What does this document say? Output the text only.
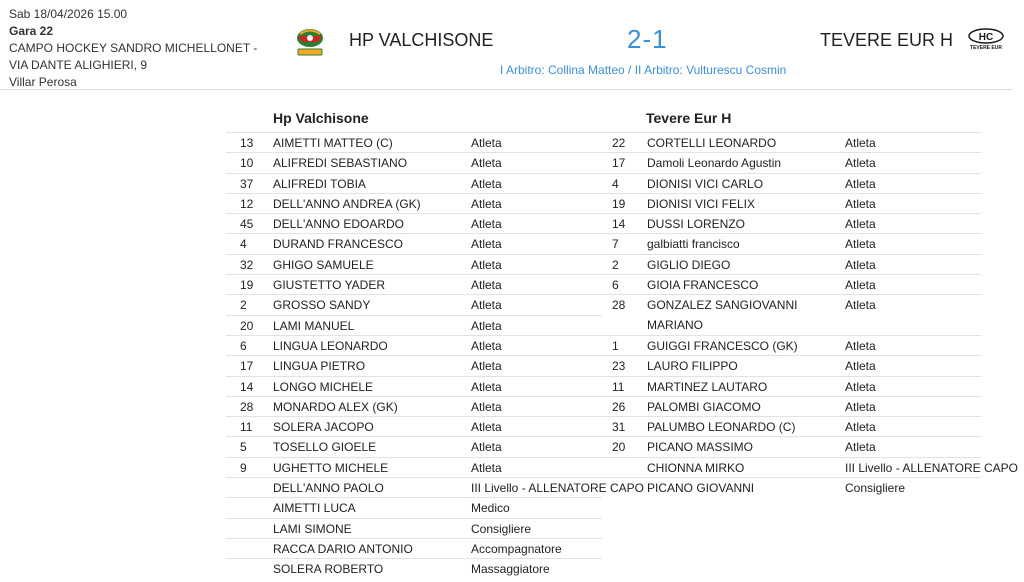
Sab 18/04/2026 15.00
Gara 22
CAMPO HOCKEY SANDRO MICHELLONET -
VIA DANTE ALIGHIERI, 9
Villar Perosa
HP VALCHISONE	2-1	TEVERE EUR H	HC
TEVERE EUR
I Arbitro: Collina Matteo / II Arbitro: Vulturescu Cosmin
Hp Valchisone	Tevere Eur H
13 AIMETTI MATTEO (C)	Atleta
10 ALIFREDI SEBASTIANO	Atleta
37 ALIFREDI TOBIA	Atleta
12 DELL'ANNO ANDREA (GK)	Atleta
45 DELL'ANNO EDOARDO	Atleta
4 DURAND FRANCESCO	Atleta
32 GHIGO SAMUELE	Atleta
19 GIUSTETTO YADER	Atleta
2 GROSSO SANDY	Atleta
20 LAMI MANUEL	Atleta
6 LINGUA LEONARDO	Atleta
17 LINGUA PIETRO	Atleta
14 LONGO MICHELE	Atleta
28 MONARDO ALEX (GK)	Atleta
11 SOLERA JACOPO	Atleta
5 TOSELLO GIOELE	Atleta
9 UGHETTO MICHELE	Atleta
DELL'ANNO PAOLO	III Livello - ALLENATORE CAPO
AIMETTI LUCA	Medico
LAMI SIMONE	Consigliere
RACCA DARIO ANTONIO	Accompagnatore
SOLERA ROBERTO	Massaggiatore
22 CORTELLI LEONARDO	Atleta
17 Damoli Leonardo Agustin	Atleta
4 DIONISI VICI CARLO	Atleta
19 DIONISI VICI FELIX	Atleta
14 DUSSI LORENZO	Atleta
7 galbiatti francisco	Atleta
2 GIGLIO DIEGO	Atleta
6 GIOIA FRANCESCO	Atleta
28 GONZALEZ SANGIOVANNI	Atleta
MARIANO
1 GUIGGI FRANCESCO (GK)	Atleta
23 LAURO FILIPPO	Atleta
11 MARTINEZ LAUTARO	Atleta
26 PALOMBI GIACOMO	Atleta
31 PALUMBO LEONARDO (C)	Atleta
20 PICANO MASSIMO	Atleta
CHIONNA MIRKO	III Livello - ALLENATORE CAPO
PICANO GIOVANNI	Consigliere
